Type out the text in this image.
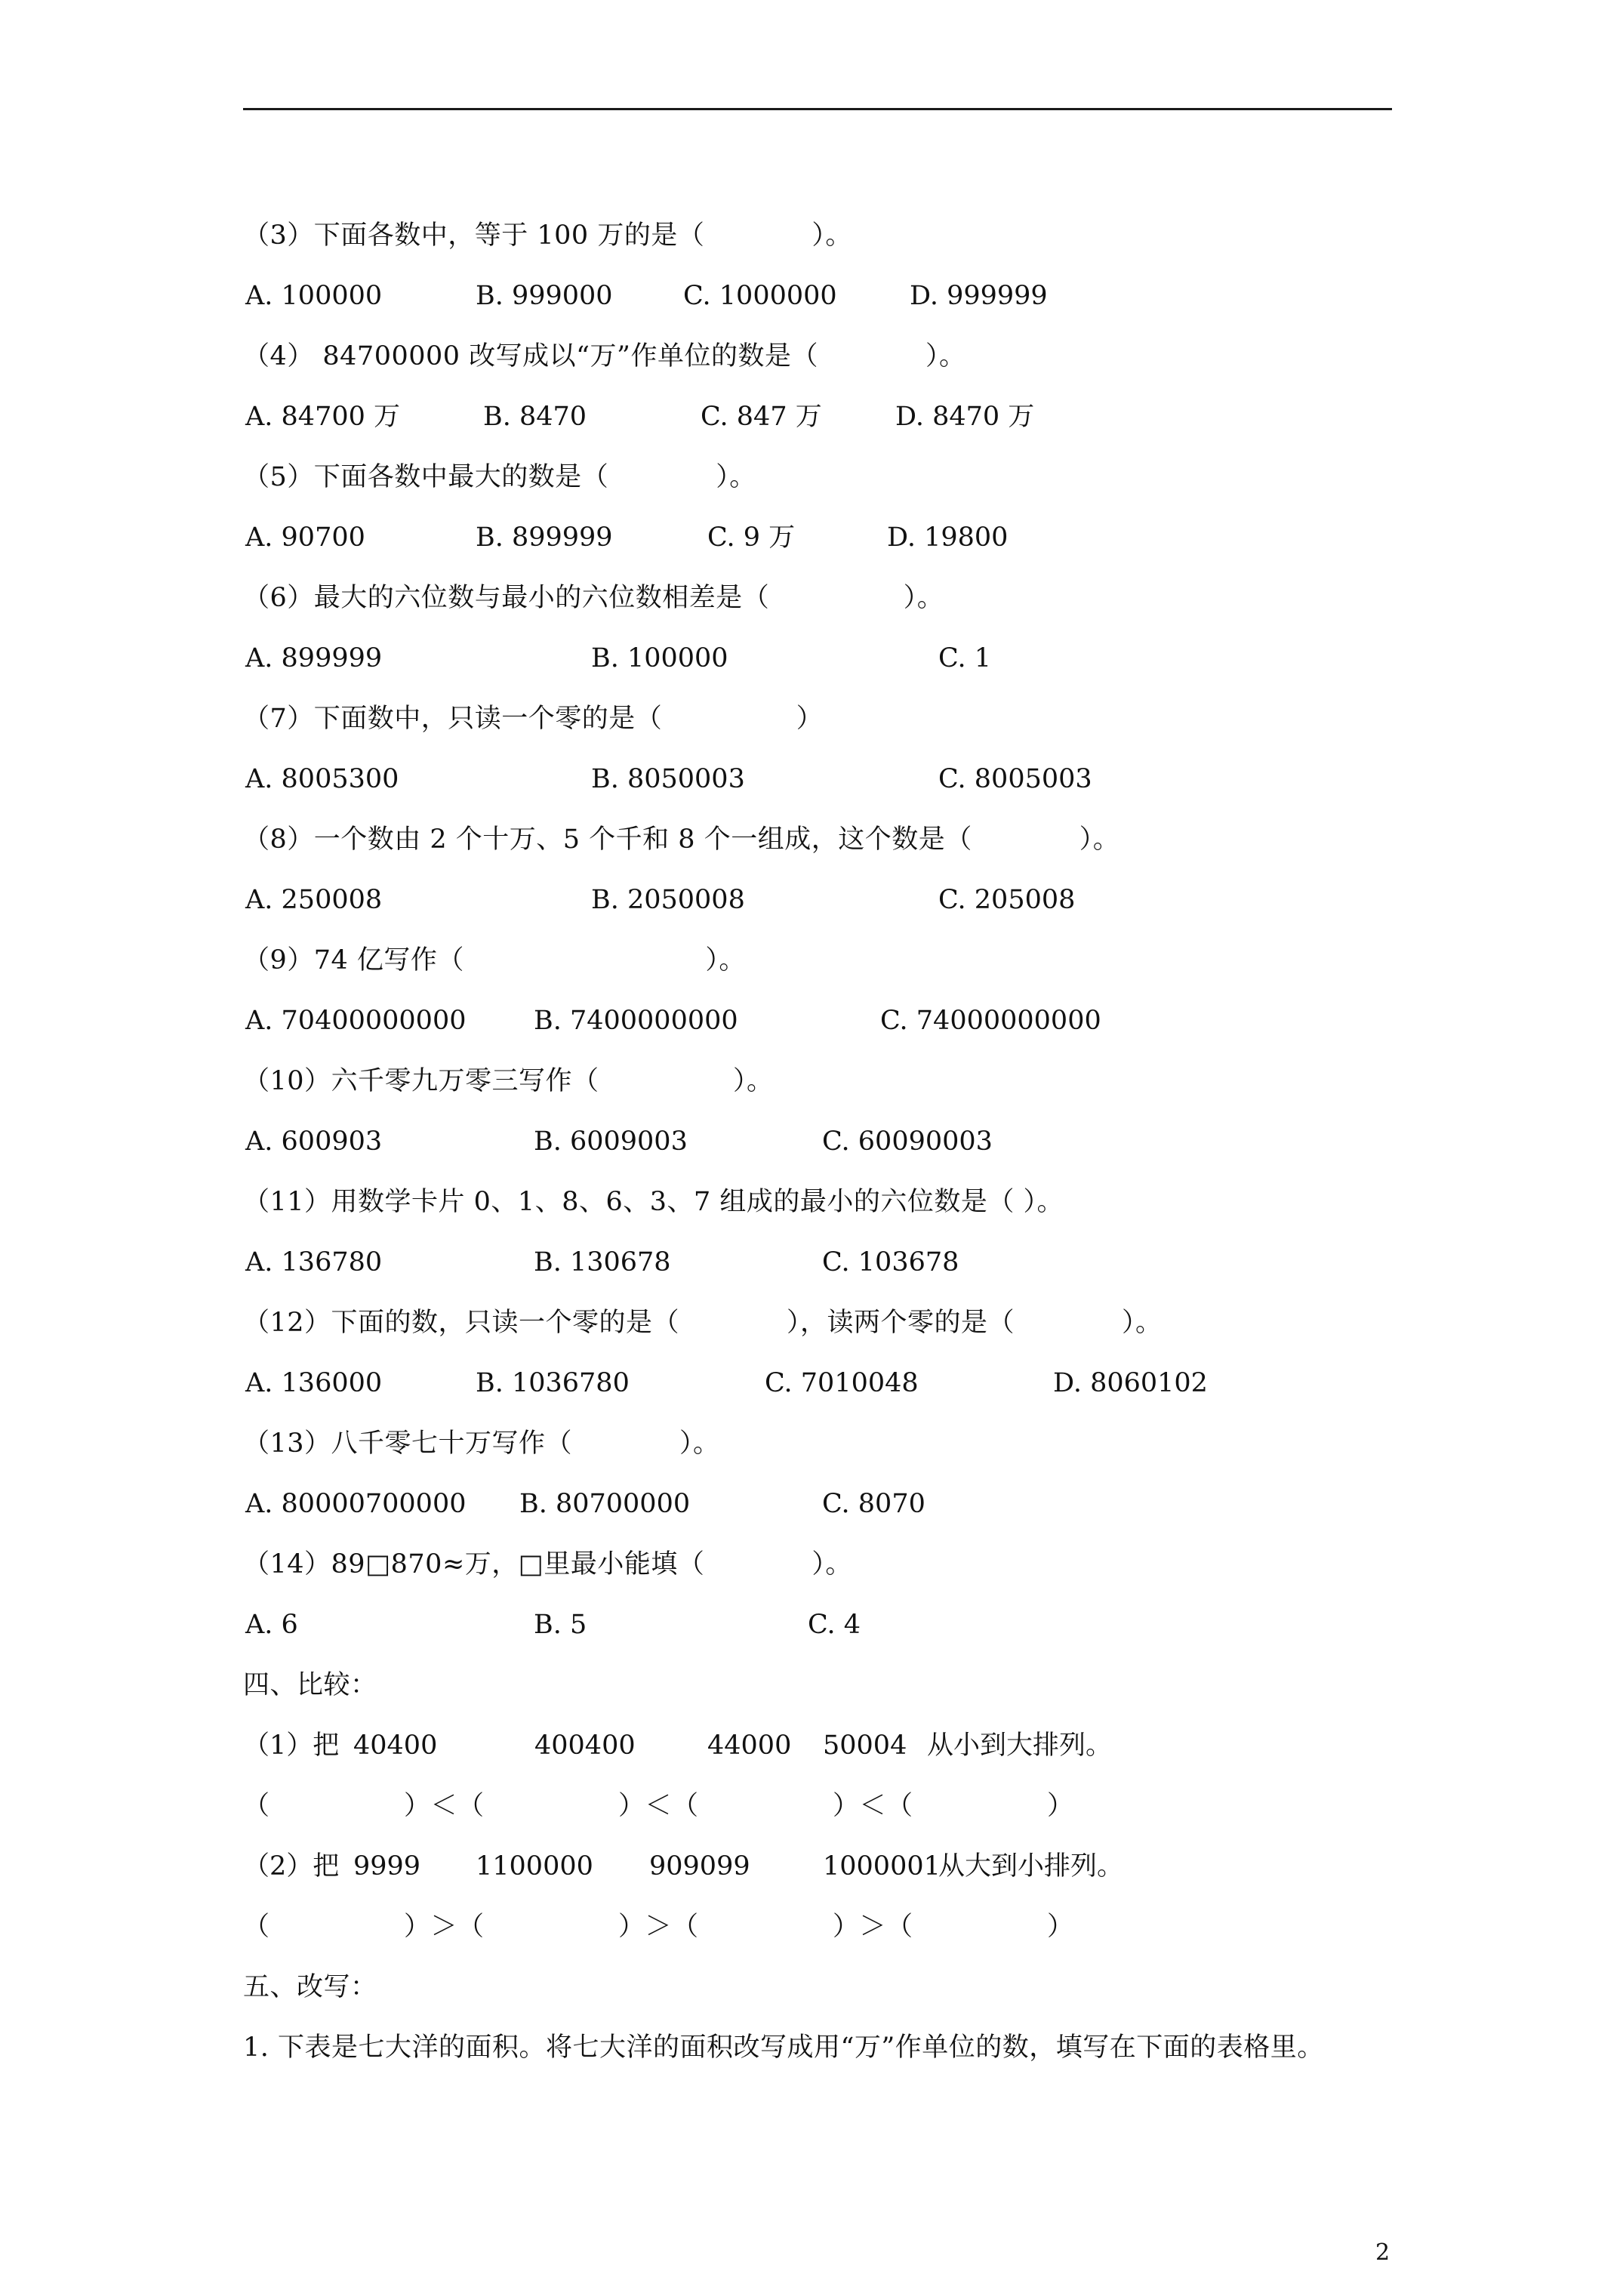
（3）下面各数中，等于 100 万的是（　　　　）。
A. 100000	B. 999000	C. 1000000	D. 999999
（4） 84700000 改写成以“万”作单位的数是（　　　　）。
A. 84700 万	B. 8470	C. 847 万	D. 8470 万
（5）下面各数中最大的数是（　　　　）。
A. 90700	B. 899999	C. 9 万	D. 19800
（6）最大的六位数与最小的六位数相差是（　　　　　）。
A. 899999	B. 100000	C. 1
（7）下面数中，只读一个零的是（　　　　　）
A. 8005300	B. 8050003	C. 8005003
（8）一个数由 2 个十万、5 个千和 8 个一组成，这个数是（　　　　）。
A. 250008	B. 2050008	C. 205008
（9）74 亿写作（　　　　　　　　　）。
A. 70400000000	B. 7400000000	C. 74000000000
（10）六千零九万零三写作（　　　　　）。
A. 600903	B. 6009003	C. 60090003
（11）用数学卡片 0、1、8、6、3、7 组成的最小的六位数是（ ）。
A. 136780	B. 130678	C. 103678
（12）下面的数，只读一个零的是（　　　　），读两个零的是（　　　　）。
A. 136000	B. 1036780	C. 7010048	D. 8060102
（13）八千零七十万写作（　　　　）。
A. 80000700000 B. 80700000	C. 8070
（14）89□870≈万，□里最小能填（　　　　）。
A. 6	B. 5	C. 4
四、比较：
（1）把 40400	400400	44000 50004 从小到大排列。
（　　　　　）＜（　　　　　）＜（　　　　　）＜（　　　　　）
（2）把 9999 1100000 909099	1000001
从大到小排列。
（　　　　　）＞（　　　　　）＞（　　　　　）＞（　　　　　）
五、改写：
1. 下表是七大洋的面积。将七大洋的面积改写成用“万”作单位的数，填写在下面的表格里。
2
